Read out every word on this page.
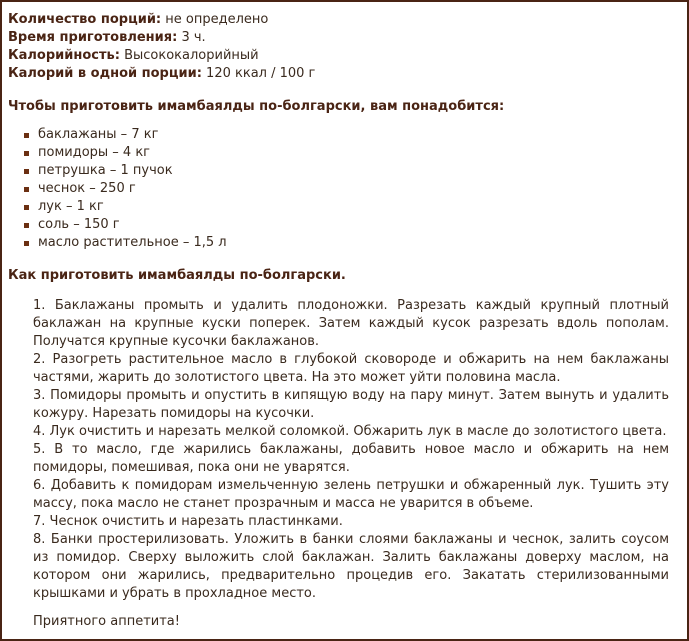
Количество порций: не определено

Время приготовления: 3 ч.

Калорийность: Высококалорийный

Калорий в одной порции: 120 ккал / 100 г

Чтобы приготовить имамбаялды по-болгарски, вам понадобится:

баклажаны – 7 кг
помидоры – 4 кг
петрушка – 1 пучок
чеснок – 250 г
лук – 1 кг
соль – 150 г
масло растительное – 1,5 л

Как приготовить имамбаялды по-болгарски.

1. Баклажаны промыть и удалить плодоножки. Разрезать каждый крупный плотный баклажан на крупные куски поперек. Затем каждый кусок разрезать вдоль пополам. Получатся крупные кусочки баклажанов.

2. Разогреть растительное масло в глубокой сковороде и обжарить на нем баклажаны частями, жарить до золотистого цвета. На это может уйти половина масла.

3. Помидоры промыть и опустить в кипящую воду на пару минут. Затем вынуть и удалить кожуру. Нарезать помидоры на кусочки.

4. Лук очистить и нарезать мелкой соломкой. Обжарить лук в масле до золотистого цвета.

5. В то масло, где жарились баклажаны, добавить новое масло и обжарить на нем помидоры, помешивая, пока они не уварятся.

6. Добавить к помидорам измельченную зелень петрушки и обжаренный лук. Тушить эту массу, пока масло не станет прозрачным и масса не уварится в объеме.

7. Чеснок очистить и нарезать пластинками.

8. Банки простерилизовать. Уложить в банки слоями баклажаны и чеснок, залить соусом из помидор. Сверху выложить слой баклажан. Залить баклажаны доверху маслом, на котором они жарились, предварительно процедив его. Закатать стерилизованными крышками и убрать в прохладное место.

Приятного аппетита!
